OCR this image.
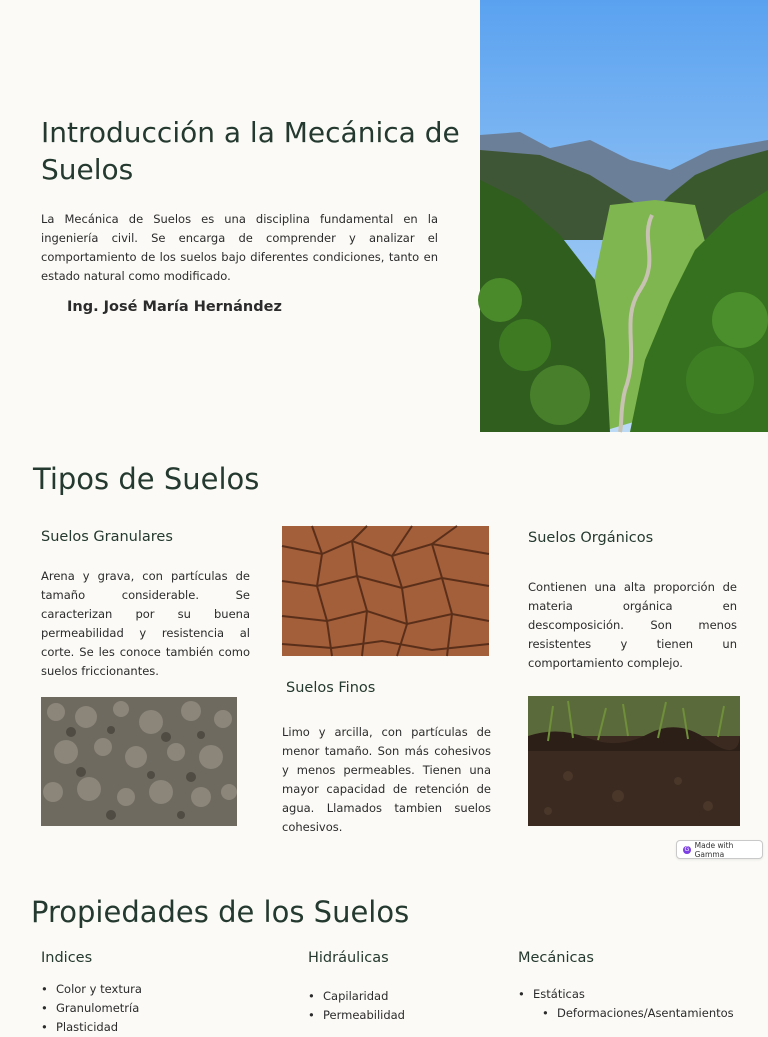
Introducción a la Mecánica de Suelos

La Mecánica de Suelos es una disciplina fundamental en la ingeniería civil. Se encarga de comprender y analizar el comportamiento de los suelos bajo diferentes condiciones, tanto en estado natural como modificado.

Ing. José María Hernández
Tipos de Suelos
Suelos Granulares

Arena y grava, con partículas de tamaño considerable. Se caracterizan por su buena permeabilidad y resistencia al corte. Se les conoce también como suelos friccionantes.

Suelos Finos

Limo y arcilla, con partículas de menor tamaño. Son más cohesivos y menos permeables. Tienen una mayor capacidad de retención de agua. Llamados tambien suelos cohesivos.

Suelos Orgánicos

Contienen una alta proporción de materia orgánica en descomposición. Son menos resistentes y tienen un comportamiento complejo.

G Made with Gamma
Propiedades de los Suelos
Indices
• Color y textura
• Granulometría
• Plasticidad
Hidráulicas
• Capilaridad
• Permeabilidad
Mecánicas
• Estáticas
• Deformaciones/Asentamientos
